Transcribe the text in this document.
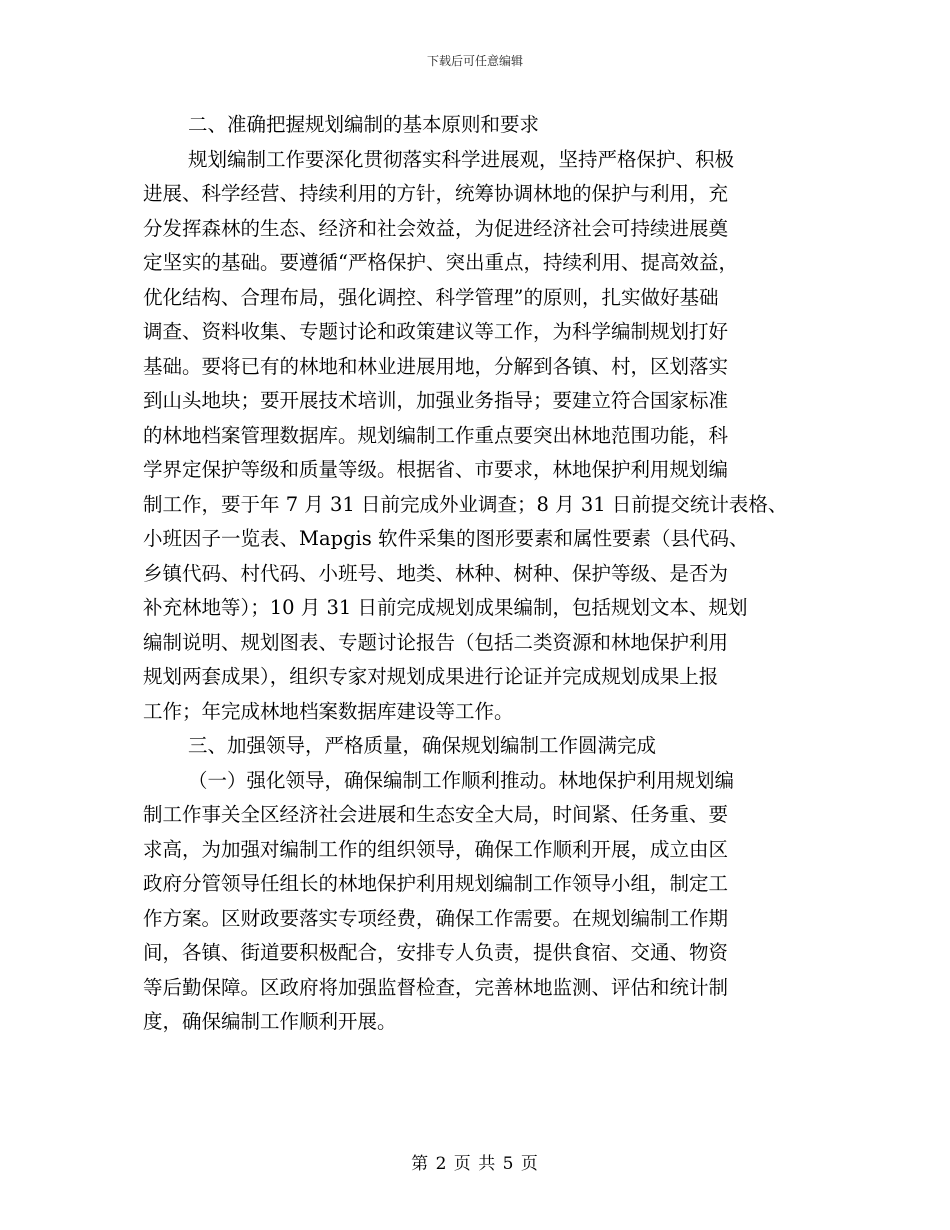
下载后可任意编辑
二、准确把握规划编制的基本原则和要求
规划编制工作要深化贯彻落实科学进展观，坚持严格保护、积极
进展、科学经营、持续利用的方针，统筹协调林地的保护与利用，充
分发挥森林的生态、经济和社会效益，为促进经济社会可持续进展奠
定坚实的基础。要遵循“严格保护、突出重点，持续利用、提高效益，
优化结构、合理布局，强化调控、科学管理”的原则，扎实做好基础
调查、资料收集、专题讨论和政策建议等工作，为科学编制规划打好
基础。要将已有的林地和林业进展用地，分解到各镇、村，区划落实
到山头地块；要开展技术培训，加强业务指导；要建立符合国家标准
的林地档案管理数据库。规划编制工作重点要突出林地范围功能，科
学界定保护等级和质量等级。根据省、市要求，林地保护利用规划编
制工作，要于年 7 月 31 日前完成外业调查；8 月 31 日前提交统计表格、
小班因子一览表、Mapgis 软件采集的图形要素和属性要素（县代码、
乡镇代码、村代码、小班号、地类、林种、树种、保护等级、是否为
补充林地等）；10 月 31 日前完成规划成果编制，包括规划文本、规划
编制说明、规划图表、专题讨论报告（包括二类资源和林地保护利用
规划两套成果），组织专家对规划成果进行论证并完成规划成果上报
工作；年完成林地档案数据库建设等工作。
三、加强领导，严格质量，确保规划编制工作圆满完成
（一）强化领导，确保编制工作顺利推动。林地保护利用规划编
制工作事关全区经济社会进展和生态安全大局，时间紧、任务重、要
求高，为加强对编制工作的组织领导，确保工作顺利开展，成立由区
政府分管领导任组长的林地保护利用规划编制工作领导小组，制定工
作方案。区财政要落实专项经费，确保工作需要。在规划编制工作期
间，各镇、街道要积极配合，安排专人负责，提供食宿、交通、物资
等后勤保障。区政府将加强监督检查，完善林地监测、评估和统计制
度，确保编制工作顺利开展。
第 2 页 共 5 页
